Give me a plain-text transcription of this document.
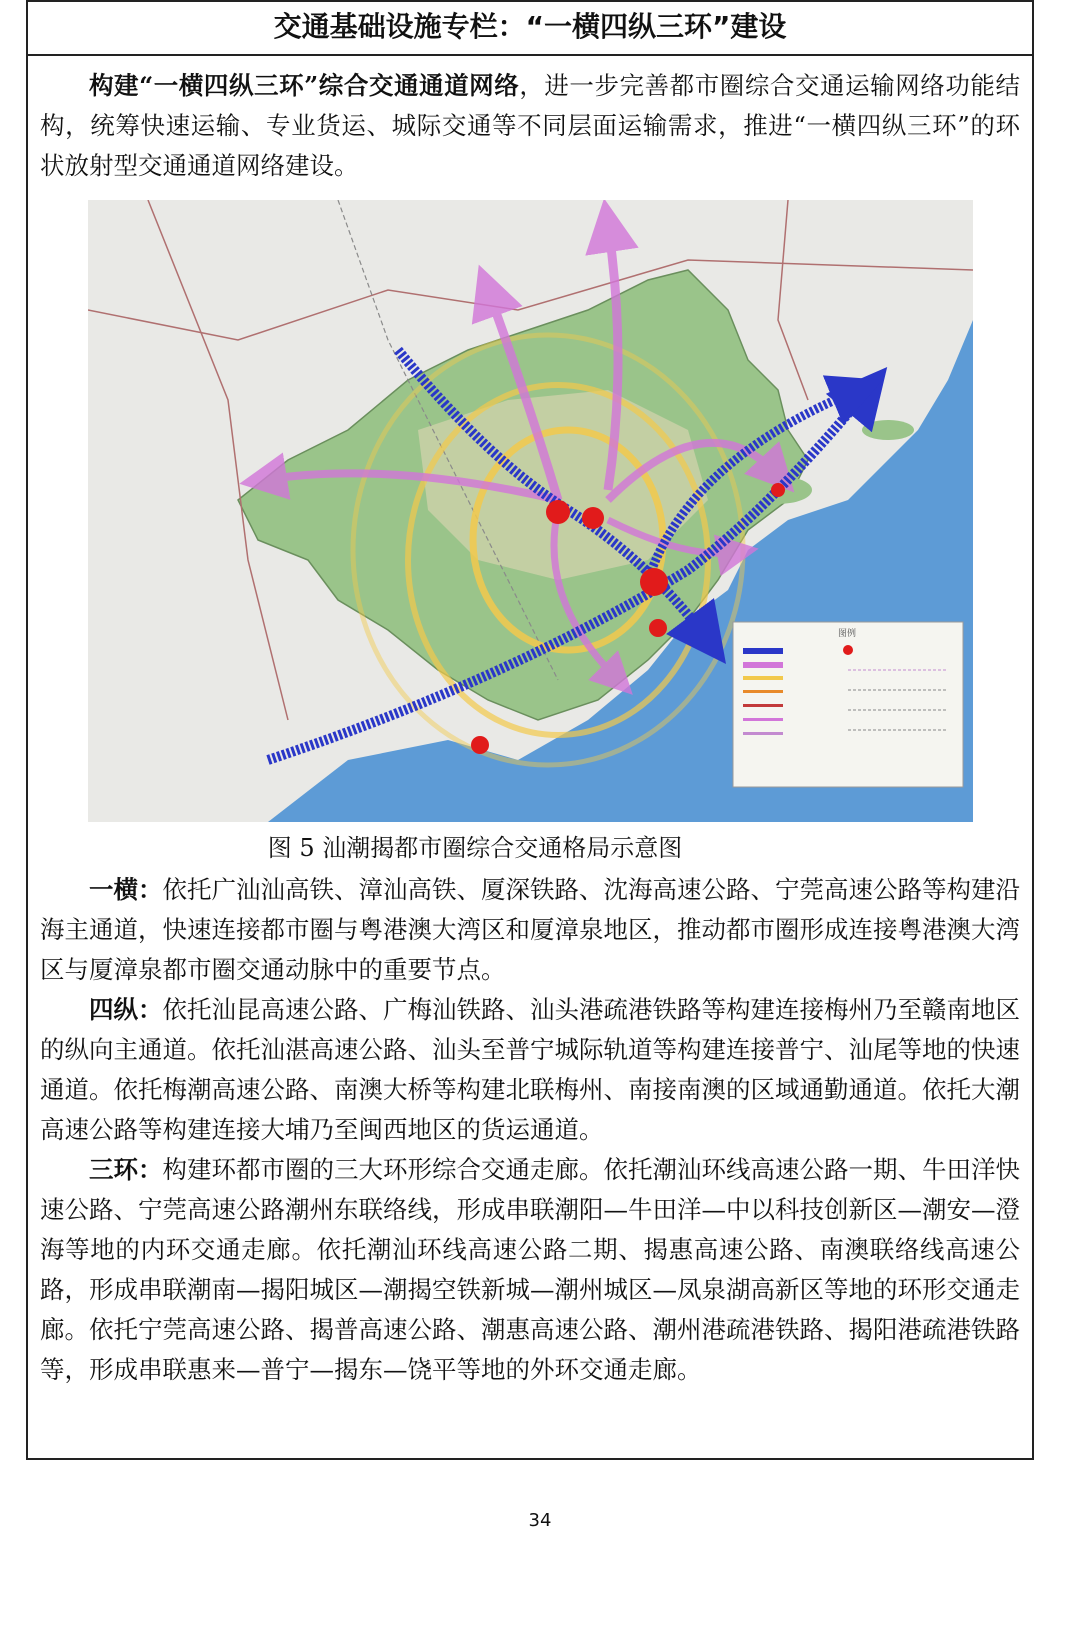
交通基础设施专栏：“一横四纵三环”建设

构建“一横四纵三环”综合交通通道网络，进一步完善都市圈综合交通运输网络功能结构，统筹快速运输、专业货运、城际交通等不同层面运输需求，推进“一横四纵三环”的环状放射型交通通道网络建设。

图例
图 5 汕潮揭都市圈综合交通格局示意图

一横：依托广汕汕高铁、漳汕高铁、厦深铁路、沈海高速公路、宁莞高速公路等构建沿海主通道，快速连接都市圈与粤港澳大湾区和厦漳泉地区，推动都市圈形成连接粤港澳大湾区与厦漳泉都市圈交通动脉中的重要节点。

四纵：依托汕昆高速公路、广梅汕铁路、汕头港疏港铁路等构建连接梅州乃至赣南地区的纵向主通道。依托汕湛高速公路、汕头至普宁城际轨道等构建连接普宁、汕尾等地的快速通道。依托梅潮高速公路、南澳大桥等构建北联梅州、南接南澳的区域通勤通道。依托大潮高速公路等构建连接大埔乃至闽西地区的货运通道。

三环：构建环都市圈的三大环形综合交通走廊。依托潮汕环线高速公路一期、牛田洋快速公路、宁莞高速公路潮州东联络线，形成串联潮阳—牛田洋—中以科技创新区—潮安—澄海等地的内环交通走廊。依托潮汕环线高速公路二期、揭惠高速公路、南澳联络线高速公路，形成串联潮南—揭阳城区—潮揭空铁新城—潮州城区—凤泉湖高新区等地的环形交通走廊。依托宁莞高速公路、揭普高速公路、潮惠高速公路、潮州港疏港铁路、揭阳港疏港铁路等，形成串联惠来—普宁—揭东—饶平等地的外环交通走廊。

34
